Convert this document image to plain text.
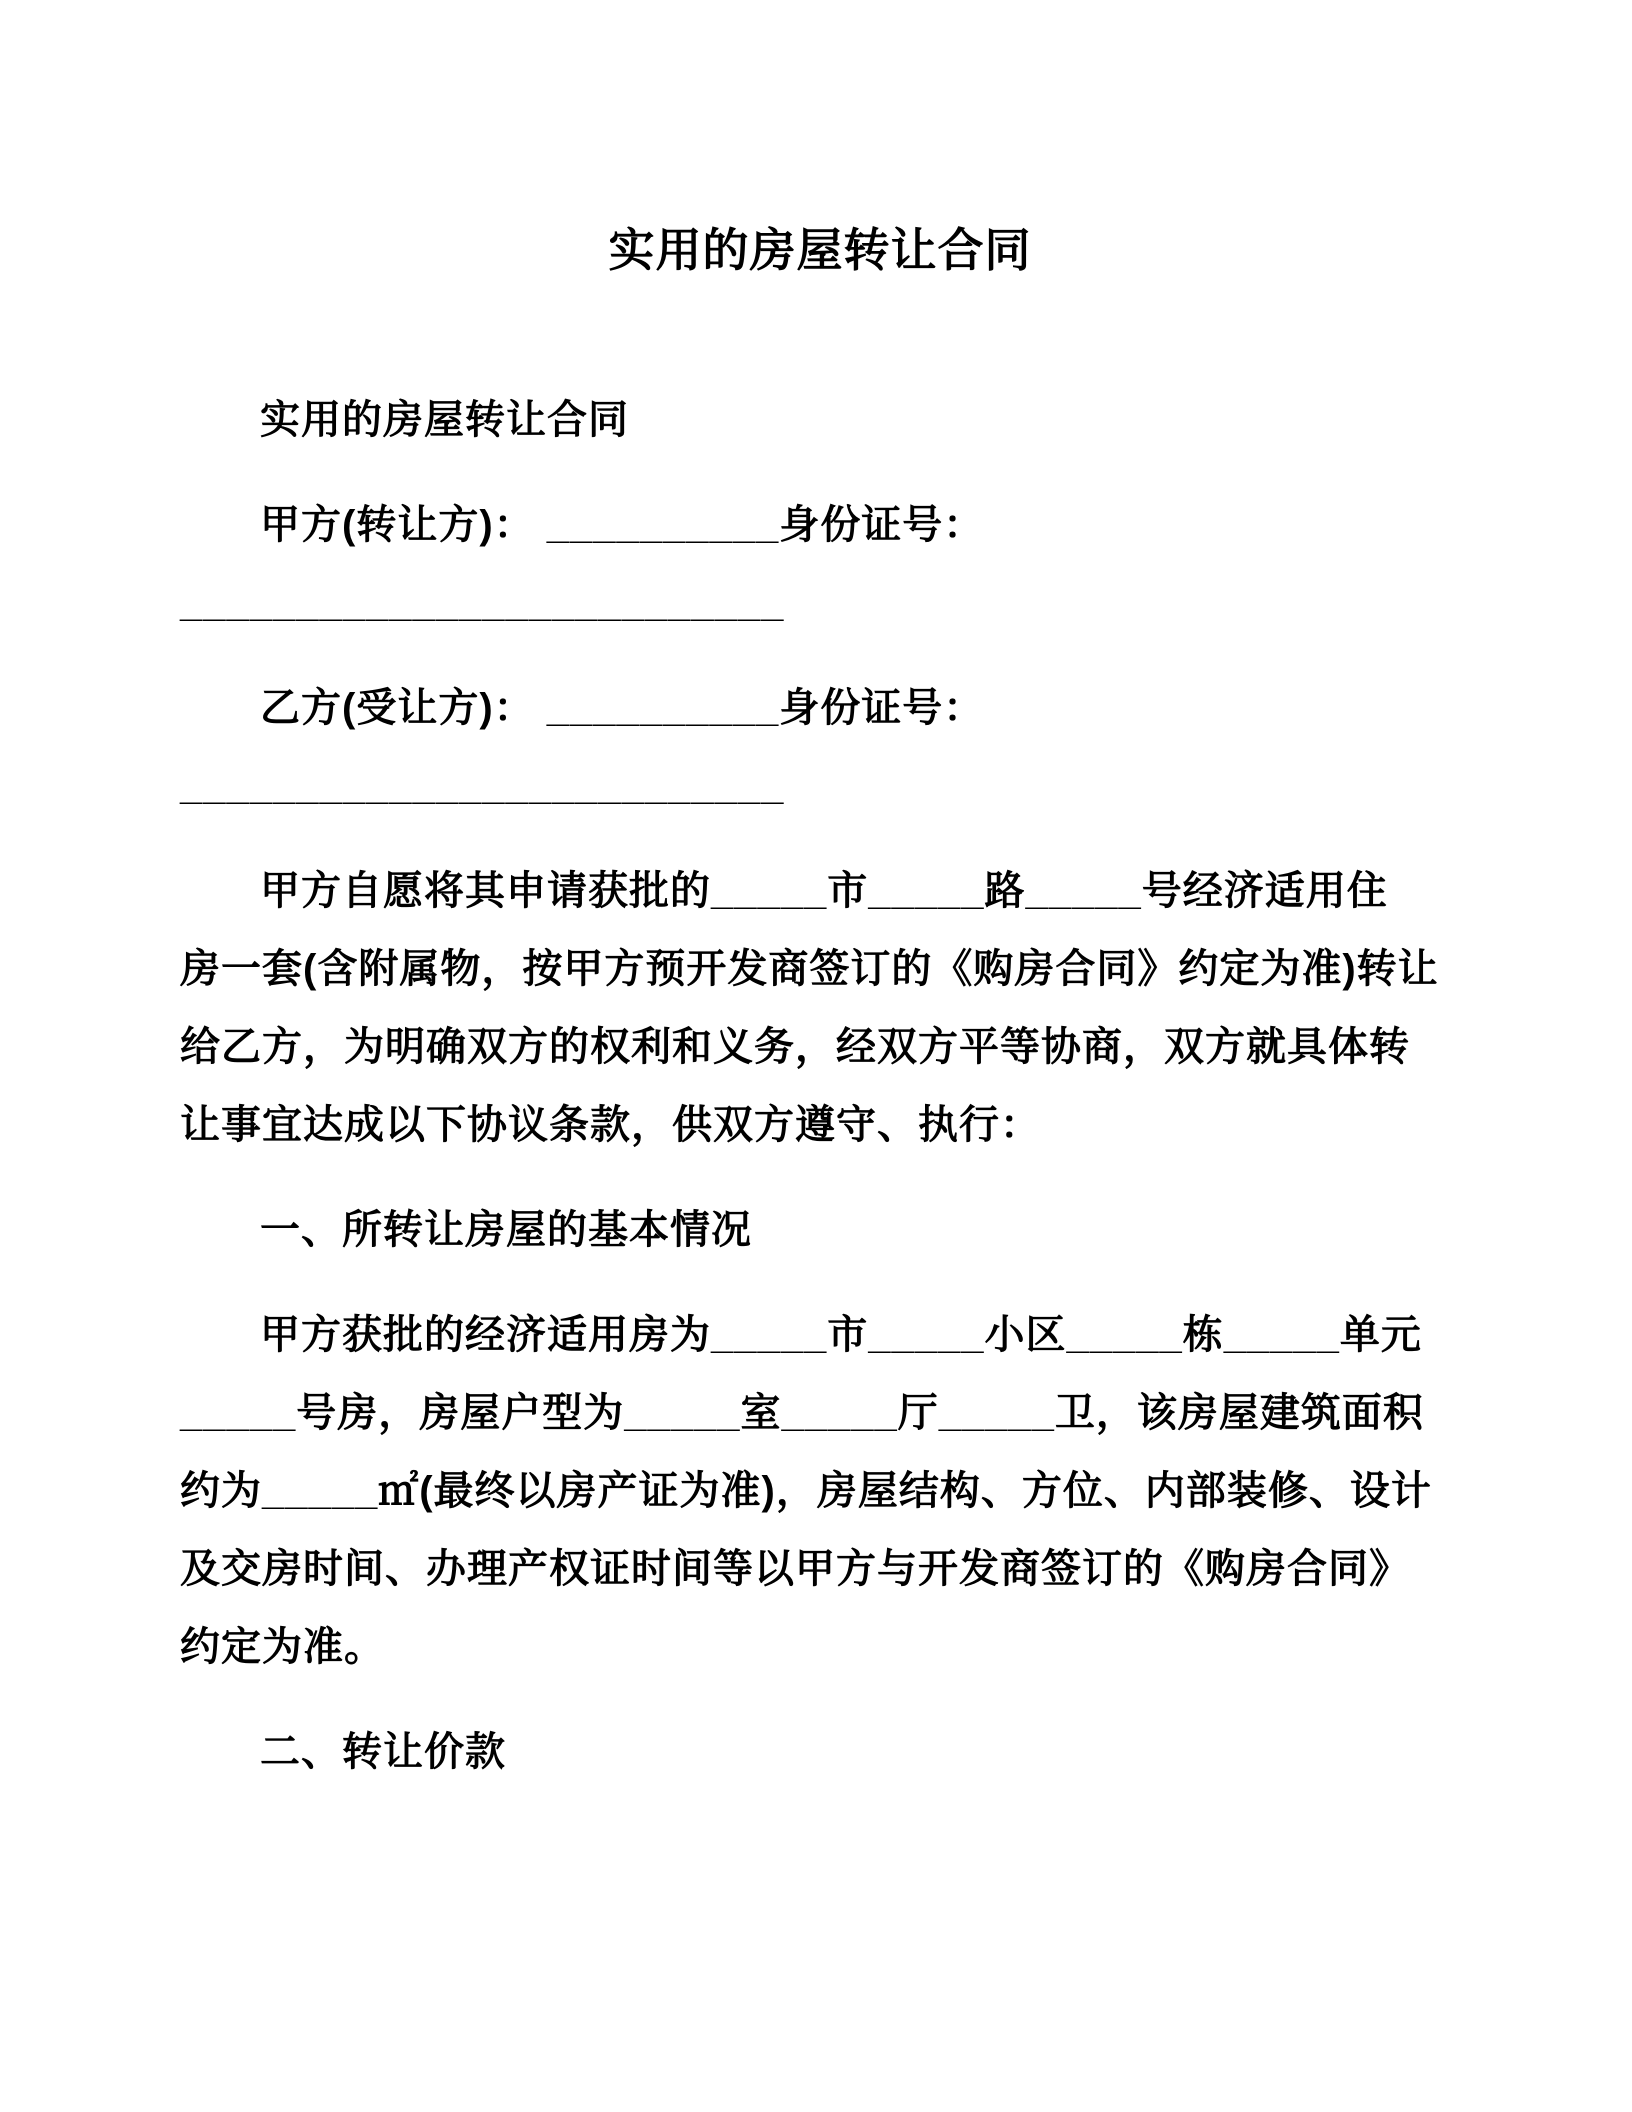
实用的房屋转让合同
实用的房屋转让合同
甲方(转让方)： __________身份证号：
__________________________
乙方(受让方)： __________身份证号：
__________________________
甲方自愿将其申请获批的_____市_____路_____号经济适用住
房一套(含附属物，按甲方预开发商签订的《购房合同》约定为准)转让
给乙方，为明确双方的权利和义务，经双方平等协商，双方就具体转
让事宜达成以下协议条款，供双方遵守、执行：
一、所转让房屋的基本情况
甲方获批的经济适用房为_____市_____小区_____栋_____单元
_____号房，房屋户型为_____室_____厅_____卫，该房屋建筑面积
约为_____㎡(最终以房产证为准)，房屋结构、方位、内部装修、设计
及交房时间、办理产权证时间等以甲方与开发商签订的《购房合同》
约定为准。
二、转让价款
